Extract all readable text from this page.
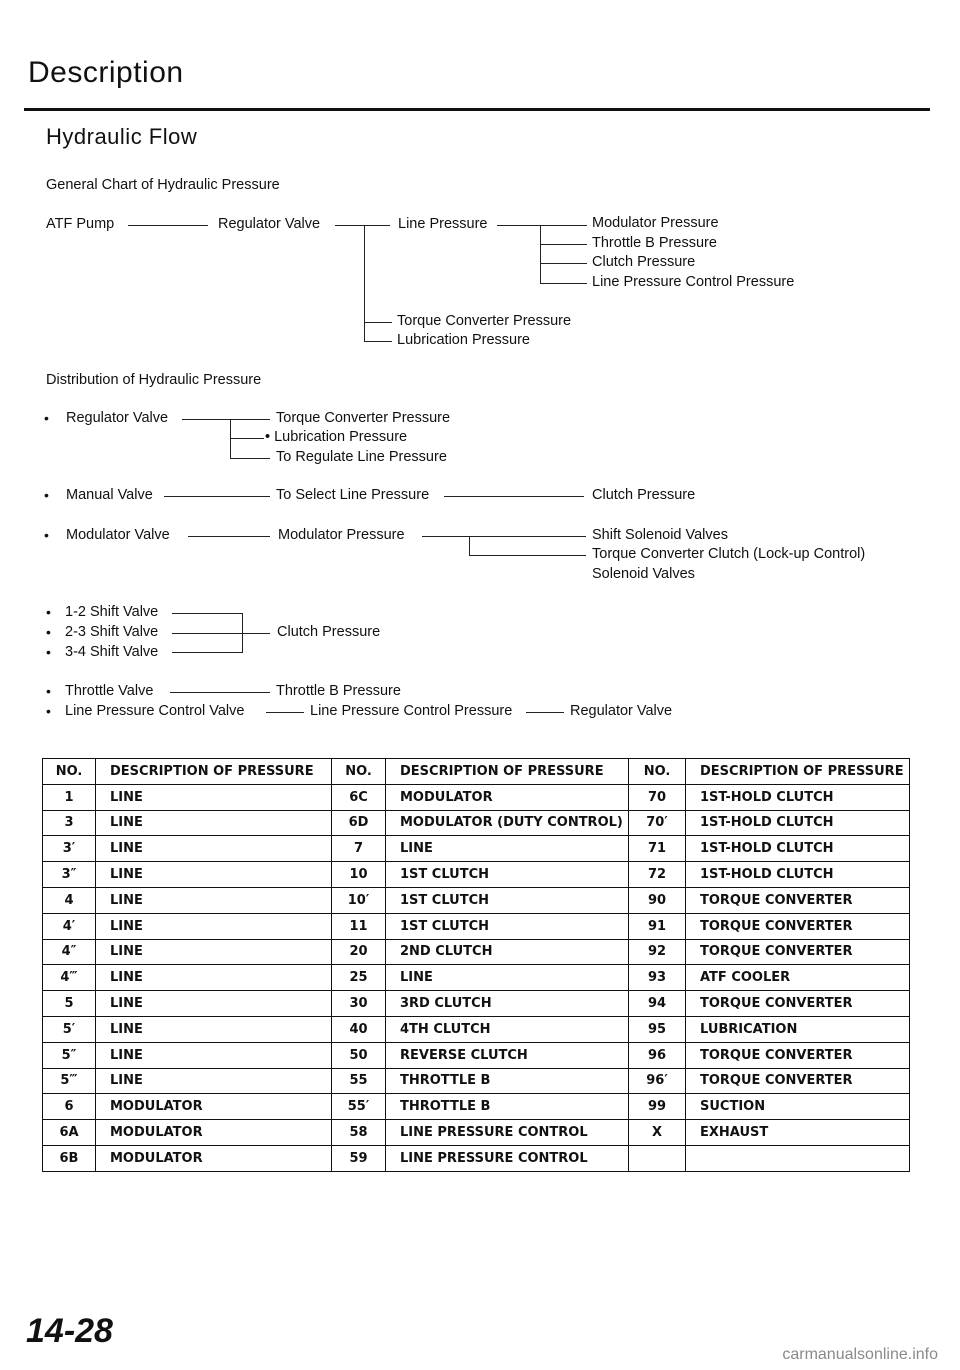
Description
Hydraulic Flow
General Chart of Hydraulic Pressure
ATF Pump	Regulator Valve	Line Pressure	Modulator Pressure
Throttle B Pressure
Clutch Pressure
Line Pressure Control Pressure
Torque Converter Pressure
Lubrication Pressure
Distribution of Hydraulic Pressure
• Regulator Valve	Torque Converter Pressure
• Lubrication Pressure
To Regulate Line Pressure
• Manual Valve	To Select Line Pressure	Clutch Pressure
• Modulator Valve	Modulator Pressure	Shift Solenoid Valves
Torque Converter Clutch (Lock-up Control)
Solenoid Valves
•
•
•
1-2 Shift Valve
2-3 Shift Valve
3-4 Shift Valve
Clutch Pressure
• Throttle Valve	Throttle B Pressure
• Line Pressure Control Valve	Line Pressure Control Pressure	Regulator Valve
NO.	DESCRIPTION OF PRESSURE	NO.	DESCRIPTION OF PRESSURE	NO.	DESCRIPTION OF PRESSURE
1	LINE	6C	MODULATOR	70	1ST-HOLD CLUTCH
3	LINE	6D	MODULATOR (DUTY CONTROL)	70′	1ST-HOLD CLUTCH
3′	LINE	7	LINE	71	1ST-HOLD CLUTCH
3″	LINE	10	1ST CLUTCH	72	1ST-HOLD CLUTCH
4	LINE	10′	1ST CLUTCH	90	TORQUE CONVERTER
4′	LINE	11	1ST CLUTCH	91	TORQUE CONVERTER
4″	LINE	20	2ND CLUTCH	92	TORQUE CONVERTER
4‴	LINE	25	LINE	93	ATF COOLER
5	LINE	30	3RD CLUTCH	94	TORQUE CONVERTER
5′	LINE	40	4TH CLUTCH	95	LUBRICATION
5″	LINE	50	REVERSE CLUTCH	96	TORQUE CONVERTER
5‴	LINE	55	THROTTLE B	96′	TORQUE CONVERTER
6	MODULATOR	55′	THROTTLE B	99	SUCTION
6A	MODULATOR	58	LINE PRESSURE CONTROL	X	EXHAUST
6B	MODULATOR	59	LINE PRESSURE CONTROL		
14-28
carmanualsonline.info
